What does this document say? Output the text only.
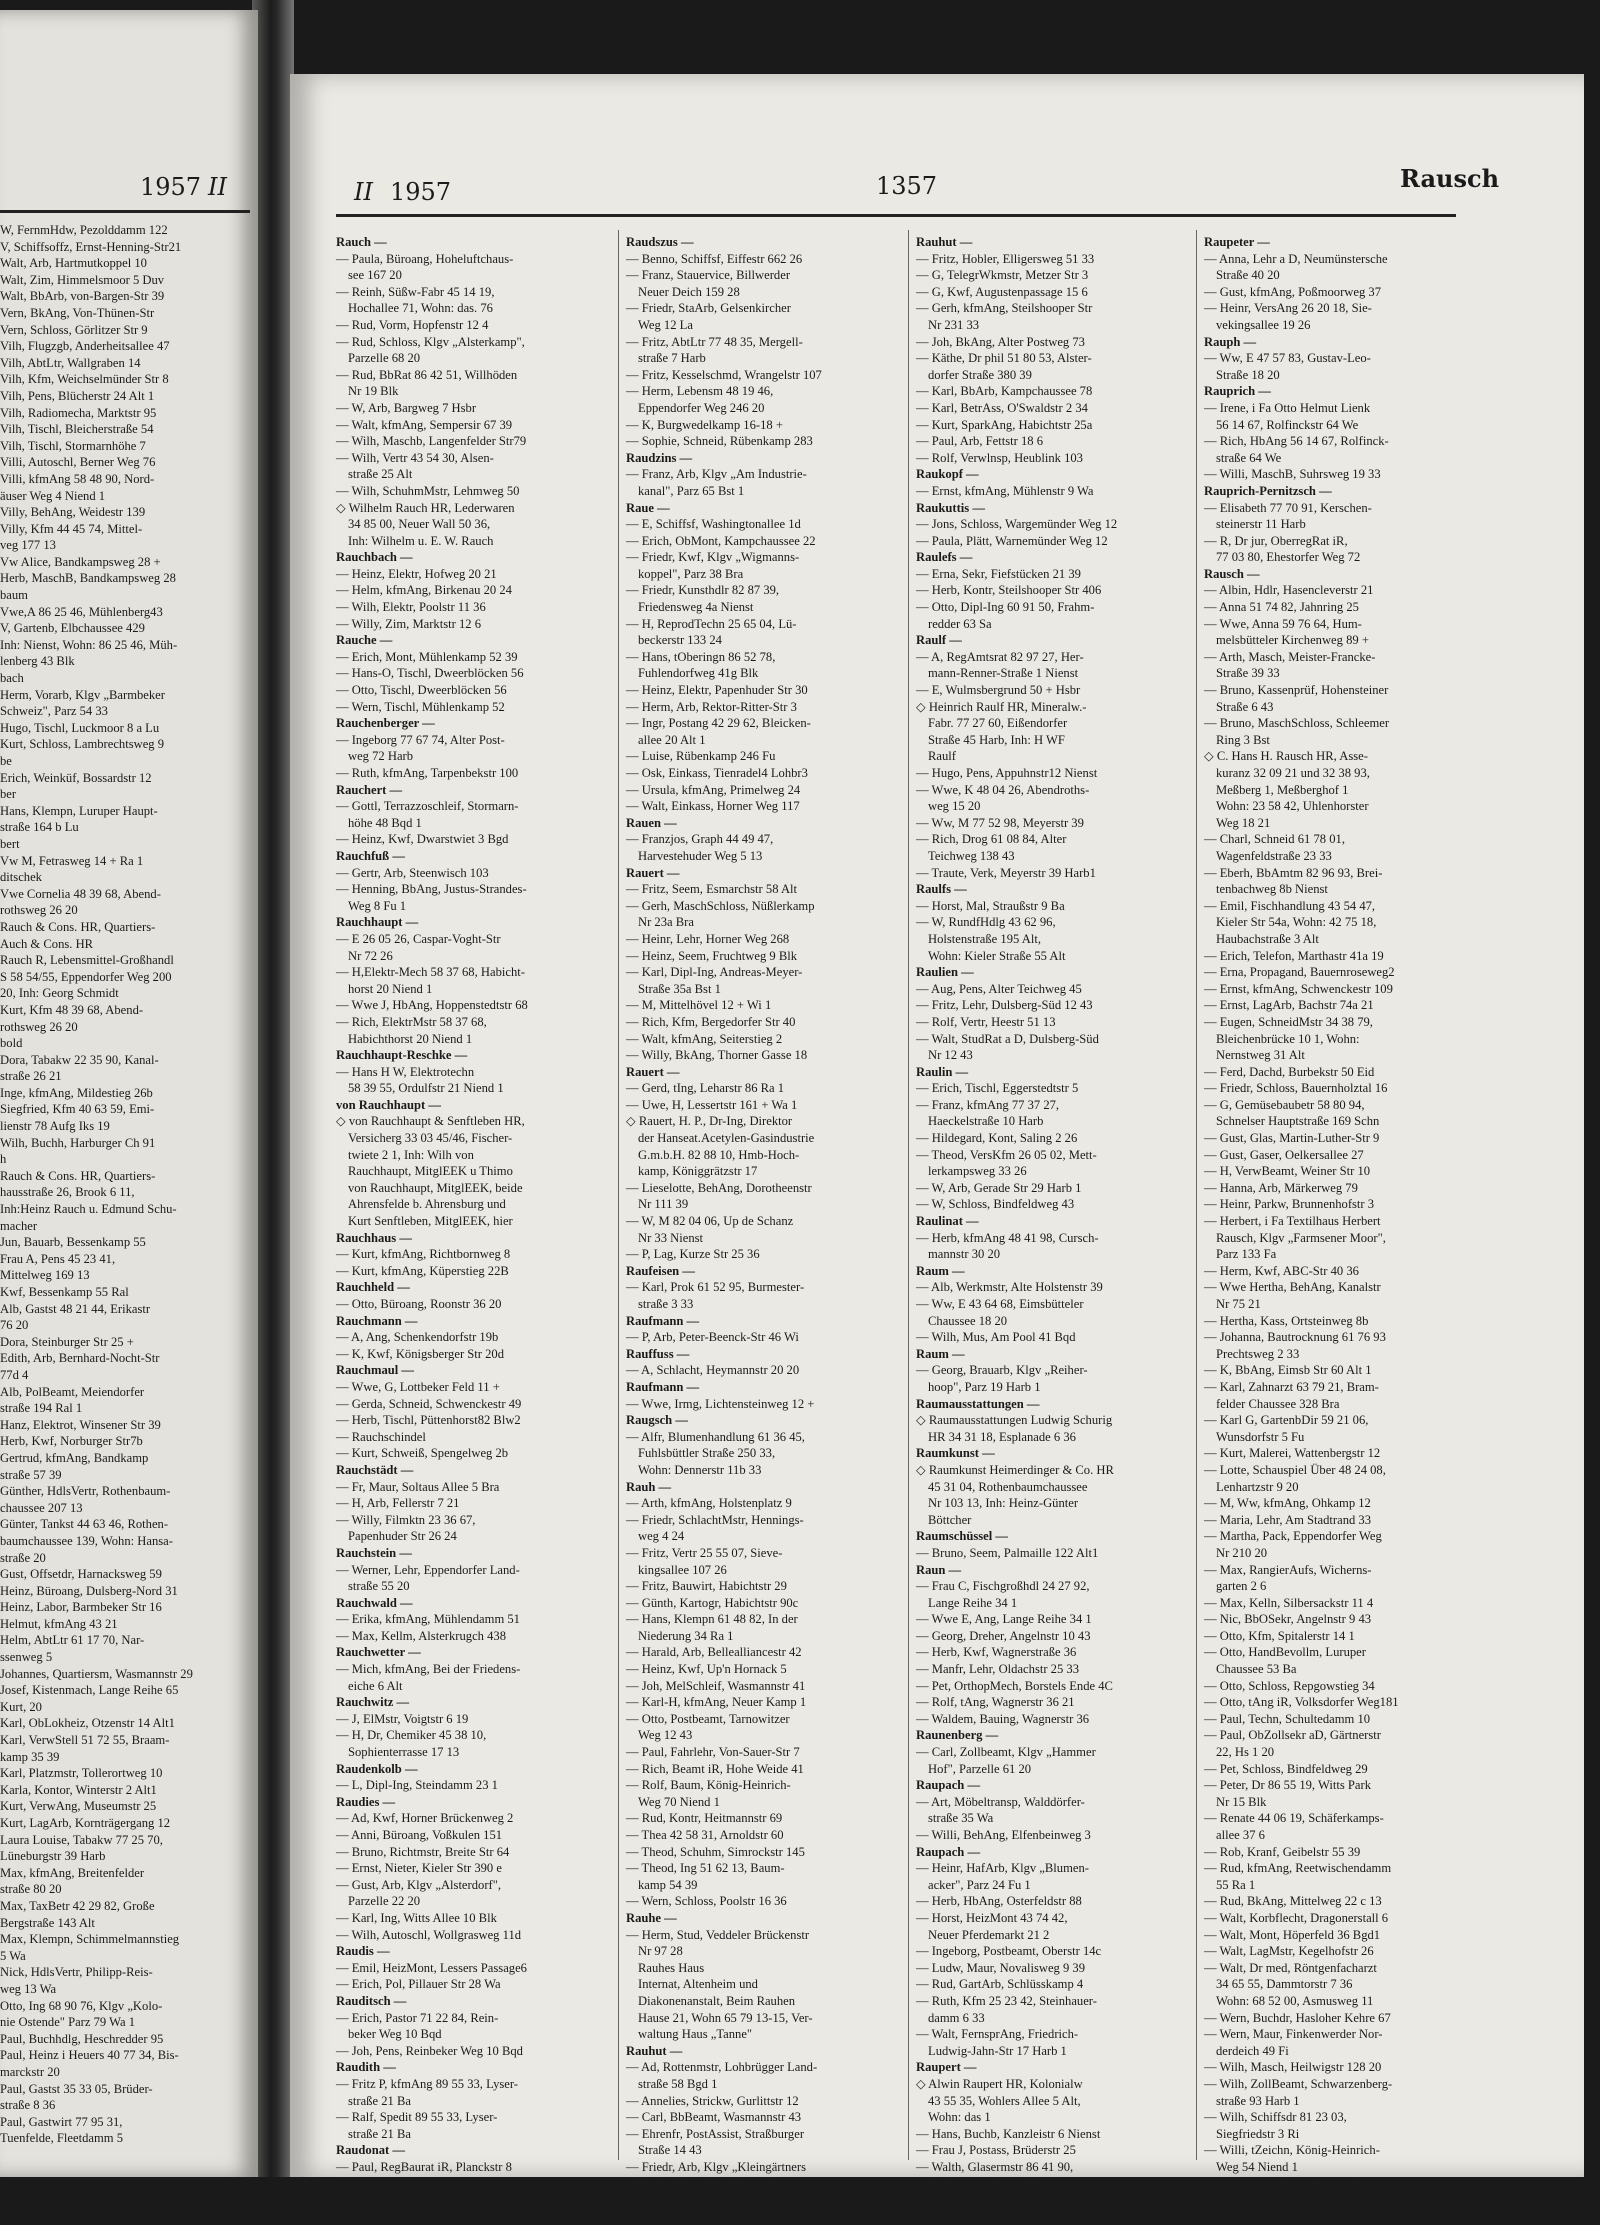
1957 II
W, FernmHdw, Pezolddamm 122
V, Schiffsoffz, Ernst-Henning-Str21
Walt, Arb, Hartmutkoppel 10
Walt, Zim, Himmelsmoor 5 Duv
Walt, BbArb, von-Bargen-Str 39
Vern, BkAng, Von-Thünen-Str
Vern, Schloss, Görlitzer Str 9
Vilh, Flugzgb, Anderheitsallee 47
Vilh, AbtLtr, Wallgraben 14
Vilh, Kfm, Weichselmünder Str 8
Vilh, Pens, Blücherstr 24 Alt 1
Vilh, Radiomecha, Marktstr 95
Vilh, Tischl, Bleicherstraße 54
Vilh, Tischl, Stormarnhöhe 7
Villi, Autoschl, Berner Weg 76
Villi, kfmAng 58 48 90, Nord-
äuser Weg 4 Niend 1
Villy, BehAng, Weidestr 139
Villy, Kfm 44 45 74, Mittel-
veg 177 13
Vw Alice, Bandkampsweg 28 +
Herb, MaschB, Bandkampsweg 28
baum
Vwe,A 86 25 46, Mühlenberg43
V, Gartenb, Elbchaussee 429
Inh: Nienst, Wohn: 86 25 46, Müh-
lenberg 43 Blk
bach
Herm, Vorarb, Klgv „Barmbeker
Schweiz", Parz 54 33
Hugo, Tischl, Luckmoor 8 a Lu
Kurt, Schloss, Lambrechtsweg 9
be
Erich, Weinküf, Bossardstr 12
ber
Hans, Klempn, Luruper Haupt-
straße 164 b Lu
bert
Vw M, Fetrasweg 14 + Ra 1
ditschek
Vwe Cornelia 48 39 68, Abend-
rothsweg 26 20
Rauch & Cons. HR, Quartiers-
Auch & Cons. HR
Rauch R, Lebensmittel-Großhandl
S 58 54/55, Eppendorfer Weg 200
20, Inh: Georg Schmidt
Kurt, Kfm 48 39 68, Abend-
rothsweg 26 20
bold
Dora, Tabakw 22 35 90, Kanal-
straße 26 21
Inge, kfmAng, Mildestieg 26b
Siegfried, Kfm 40 63 59, Emi-
lienstr 78 Aufg Iks 19
Wilh, Buchh, Harburger Ch 91
h
Rauch & Cons. HR, Quartiers-
hausstraße 26, Brook 6 11,
Inh:Heinz Rauch u. Edmund Schu-
macher
Jun, Bauarb, Bessenkamp 55
Frau A, Pens 45 23 41,
Mittelweg 169 13
Kwf, Bessenkamp 55 Ral
Alb, Gastst 48 21 44, Erikastr
76 20
Dora, Steinburger Str 25 +
Edith, Arb, Bernhard-Nocht-Str
77d 4
Alb, PolBeamt, Meiendorfer
straße 194 Ral 1
Hanz, Elektrot, Winsener Str 39
Herb, Kwf, Norburger Str7b
Gertrud, kfmAng, Bandkamp
straße 57 39
Günther, HdlsVertr, Rothenbaum-
chaussee 207 13
Günter, Tankst 44 63 46, Rothen-
baumchaussee 139, Wohn: Hansa-
straße 20
Gust, Offsetdr, Harnacksweg 59
Heinz, Büroang, Dulsberg-Nord 31
Heinz, Labor, Barmbeker Str 16
Helmut, kfmAng 43 21
Helm, AbtLtr 61 17 70, Nar-
ssenweg 5
Johannes, Quartiersm, Wasmannstr 29
Josef, Kistenmach, Lange Reihe 65
Kurt, 20
Karl, ObLokheiz, Otzenstr 14 Alt1
Karl, VerwStell 51 72 55, Braam-
kamp 35 39
Karl, Platzmstr, Tollerortweg 10
Karla, Kontor, Winterstr 2 Alt1
Kurt, VerwAng, Museumstr 25
Kurt, LagArb, Kornträgergang 12
Laura Louise, Tabakw 77 25 70,
Lüneburgstr 39 Harb
Max, kfmAng, Breitenfelder
straße 80 20
Max, TaxBetr 42 29 82, Große
Bergstraße 143 Alt
Max, Klempn, Schimmelmannstieg
5 Wa
Nick, HdlsVertr, Philipp-Reis-
weg 13 Wa
Otto, Ing 68 90 76, Klgv „Kolo-
nie Ostende" Parz 79 Wa 1
Paul, Buchhdlg, Heschredder 95
Paul, Heinz i Heuers 40 77 34, Bis-
marckstr 20
Paul, Gastst 35 33 05, Brüder-
straße 8 36
Paul, Gastwirt 77 95 31,
Tuenfelde, Fleetdamm 5
II 1957	1357	Rausch
Rauch —
— Paula, Büroang, Hoheluftchaus-
see 167 20
— Reinh, Süßw-Fabr 45 14 19,
Hochallee 71, Wohn: das. 76
— Rud, Vorm, Hopfenstr 12 4
— Rud, Schloss, Klgv „Alsterkamp",
Parzelle 68 20
— Rud, BbRat 86 42 51, Willhöden
Nr 19 Blk
— W, Arb, Bargweg 7 Hsbr
— Walt, kfmAng, Sempersir 67 39
— Wilh, Maschb, Langenfelder Str79
— Wilh, Vertr 43 54 30, Alsen-
straße 25 Alt
— Wilh, SchuhmMstr, Lehmweg 50
◇ Wilhelm Rauch HR, Lederwaren
34 85 00, Neuer Wall 50 36,
Inh: Wilhelm u. E. W. Rauch
Rauchbach —
— Heinz, Elektr, Hofweg 20 21
— Helm, kfmAng, Birkenau 20 24
— Wilh, Elektr, Poolstr 11 36
— Willy, Zim, Marktstr 12 6
Rauche —
— Erich, Mont, Mühlenkamp 52 39
— Hans-O, Tischl, Dweerblöcken 56
— Otto, Tischl, Dweerblöcken 56
— Wern, Tischl, Mühlenkamp 52
Rauchenberger —
— Ingeborg 77 67 74, Alter Post-
weg 72 Harb
— Ruth, kfmAng, Tarpenbekstr 100
Rauchert —
— Gottl, Terrazzoschleif, Stormarn-
höhe 48 Bqd 1
— Heinz, Kwf, Dwarstwiet 3 Bgd
Rauchfuß —
— Gertr, Arb, Steenwisch 103
— Henning, BbAng, Justus-Strandes-
Weg 8 Fu 1
Rauchhaupt —
— E 26 05 26, Caspar-Voght-Str
Nr 72 26
— H,Elektr-Mech 58 37 68, Habicht-
horst 20 Niend 1
— Wwe J, HbAng, Hoppenstedtstr 68
— Rich, ElektrMstr 58 37 68,
Habichthorst 20 Niend 1
Rauchhaupt-Reschke —
— Hans H W, Elektrotechn
58 39 55, Ordulfstr 21 Niend 1
von Rauchhaupt —
◇ von Rauchhaupt & Senftleben HR,
Versicherg 33 03 45/46, Fischer-
twiete 2 1, Inh: Wilh von
Rauchhaupt, MitglEEK u Thimo
von Rauchhaupt, MitglEEK, beide
Ahrensfelde b. Ahrensburg und
Kurt Senftleben, MitglEEK, hier
Rauchhaus —
— Kurt, kfmAng, Richtbornweg 8
— Kurt, kfmAng, Küperstieg 22B
Rauchheld —
— Otto, Büroang, Roonstr 36 20
Rauchmann —
— A, Ang, Schenkendorfstr 19b
— K, Kwf, Königsberger Str 20d
Rauchmaul —
— Wwe, G, Lottbeker Feld 11 +
— Gerda, Schneid, Schwenckestr 49
— Herb, Tischl, Püttenhorst82 Blw2
— Rauchschindel
— Kurt, Schweiß, Spengelweg 2b
Rauchstädt —
— Fr, Maur, Soltaus Allee 5 Bra
— H, Arb, Fellerstr 7 21
— Willy, Filmktn 23 36 67,
Papenhuder Str 26 24
Rauchstein —
— Werner, Lehr, Eppendorfer Land-
straße 55 20
Rauchwald —
— Erika, kfmAng, Mühlendamm 51
— Max, Kellm, Alsterkrugch 438
Rauchwetter —
— Mich, kfmAng, Bei der Friedens-
eiche 6 Alt
Rauchwitz —
— J, ElMstr, Voigtstr 6 19
— H, Dr, Chemiker 45 38 10,
Sophienterrasse 17 13
Raudenkolb —
— L, Dipl-Ing, Steindamm 23 1
Raudies —
— Ad, Kwf, Horner Brückenweg 2
— Anni, Büroang, Voßkulen 151
— Bruno, Richtmstr, Breite Str 64
— Ernst, Nieter, Kieler Str 390 e
— Gust, Arb, Klgv „Alsterdorf",
Parzelle 22 20
— Karl, Ing, Witts Allee 10 Blk
— Wilh, Autoschl, Wollgrasweg 11d
Raudis —
— Emil, HeizMont, Lessers Passage6
— Erich, Pol, Pillauer Str 28 Wa
Rauditsch —
— Erich, Pastor 71 22 84, Rein-
beker Weg 10 Bqd
— Joh, Pens, Reinbeker Weg 10 Bqd
Raudith —
— Fritz P, kfmAng 89 55 33, Lyser-
straße 21 Ba
— Ralf, Spedit 89 55 33, Lyser-
straße 21 Ba
Raudonat —
— Paul, RegBaurat iR, Planckstr 8
Raudszus —
— Benno, Schiffsf, Eiffestr 662 26
— Franz, Stauervice, Billwerder
Neuer Deich 159 28
— Friedr, StaArb, Gelsenkircher
Weg 12 La
— Fritz, AbtLtr 77 48 35, Mergell-
straße 7 Harb
— Fritz, Kesselschmd, Wrangelstr 107
— Herm, Lebensm 48 19 46,
Eppendorfer Weg 246 20
— K, Burgwedelkamp 16-18 +
— Sophie, Schneid, Rübenkamp 283
Raudzins —
— Franz, Arb, Klgv „Am Industrie-
kanal", Parz 65 Bst 1
Raue —
— E, Schiffsf, Washingtonallee 1d
— Erich, ObMont, Kampchaussee 22
— Friedr, Kwf, Klgv „Wigmanns-
koppel", Parz 38 Bra
— Friedr, Kunsthdlr 82 87 39,
Friedensweg 4a Nienst
— H, ReprodTechn 25 65 04, Lü-
beckerstr 133 24
— Hans, tOberingn 86 52 78,
Fuhlendorfweg 41g Blk
— Heinz, Elektr, Papenhuder Str 30
— Herm, Arb, Rektor-Ritter-Str 3
— Ingr, Postang 42 29 62, Bleicken-
allee 20 Alt 1
— Luise, Rübenkamp 246 Fu
— Osk, Einkass, Tienradel4 Lohbr3
— Ursula, kfmAng, Primelweg 24
— Walt, Einkass, Horner Weg 117
Rauen —
— Franzjos, Graph 44 49 47,
Harvestehuder Weg 5 13
Rauert —
— Fritz, Seem, Esmarchstr 58 Alt
— Gerh, MaschSchloss, Nüßlerkamp
Nr 23a Bra
— Heinr, Lehr, Horner Weg 268
— Heinz, Seem, Fruchtweg 9 Blk
— Karl, Dipl-Ing, Andreas-Meyer-
Straße 35a Bst 1
— M, Mittelhövel 12 + Wi 1
— Rich, Kfm, Bergedorfer Str 40
— Walt, kfmAng, Seiterstieg 2
— Willy, BkAng, Thorner Gasse 18
Rauert —
— Gerd, tIng, Leharstr 86 Ra 1
— Uwe, H, Lessertstr 161 + Wa 1
◇ Rauert, H. P., Dr-Ing, Direktor
der Hanseat.Acetylen-Gasindustrie
G.m.b.H. 82 88 10, Hmb-Hoch-
kamp, Königgrätzstr 17
— Lieselotte, BehAng, Dorotheenstr
Nr 111 39
— W, M 82 04 06, Up de Schanz
Nr 33 Nienst
— P, Lag, Kurze Str 25 36
Raufeisen —
— Karl, Prok 61 52 95, Burmester-
straße 3 33
Raufmann —
— P, Arb, Peter-Beenck-Str 46 Wi
Rauffuss —
— A, Schlacht, Heymannstr 20 20
Raufmann —
— Wwe, Irmg, Lichtensteinweg 12 +
Raugsch —
— Alfr, Blumenhandlung 61 36 45,
Fuhlsbüttler Straße 250 33,
Wohn: Dennerstr 11b 33
Rauh —
— Arth, kfmAng, Holstenplatz 9
— Friedr, SchlachtMstr, Hennings-
weg 4 24
— Fritz, Vertr 25 55 07, Sieve-
kingsallee 107 26
— Fritz, Bauwirt, Habichtstr 29
— Günth, Kartogr, Habichtstr 90c
— Hans, Klempn 61 48 82, In der
Niederung 34 Ra 1
— Harald, Arb, Bellealliancestr 42
— Heinz, Kwf, Up'n Hornack 5
— Joh, MelSchleif, Wasmannstr 41
— Karl-H, kfmAng, Neuer Kamp 1
— Otto, Postbeamt, Tarnowitzer
Weg 12 43
— Paul, Fahrlehr, Von-Sauer-Str 7
— Rich, Beamt iR, Hohe Weide 41
— Rolf, Baum, König-Heinrich-
Weg 70 Niend 1
— Rud, Kontr, Heitmannstr 69
— Thea 42 58 31, Arnoldstr 60
— Theod, Schuhm, Simrockstr 145
— Theod, Ing 51 62 13, Baum-
kamp 54 39
— Wern, Schloss, Poolstr 16 36
Rauhe —
— Herm, Stud, Veddeler Brückenstr
Nr 97 28
Rauhes Haus
Internat, Altenheim und
Diakonenanstalt, Beim Rauhen
Hause 21, Wohn 65 79 13-15, Ver-
waltung Haus „Tanne"
Rauhut —
— Ad, Rottenmstr, Lohbrügger Land-
straße 58 Bgd 1
— Annelies, Strickw, Gurlittstr 12
— Carl, BbBeamt, Wasmannstr 43
— Ehrenfr, PostAssist, Straßburger
Straße 14 43
— Friedr, Arb, Klgv „Kleingärtners
Stolz", Parzelle 153 Harb 1
Rauhut —
— Fritz, Hobler, Elligersweg 51 33
— G, TelegrWkmstr, Metzer Str 3
— G, Kwf, Augustenpassage 15 6
— Gerh, kfmAng, Steilshooper Str
Nr 231 33
— Joh, BkAng, Alter Postweg 73
— Käthe, Dr phil 51 80 53, Alster-
dorfer Straße 380 39
— Karl, BbArb, Kampchaussee 78
— Karl, BetrAss, O'Swaldstr 2 34
— Kurt, SparkAng, Habichtstr 25a
— Paul, Arb, Fettstr 18 6
— Rolf, Verwlnsp, Heublink 103
Raukopf —
— Ernst, kfmAng, Mühlenstr 9 Wa
Raukuttis —
— Jons, Schloss, Wargemünder Weg 12
— Paula, Plätt, Warnemünder Weg 12
Raulefs —
— Erna, Sekr, Fiefstücken 21 39
— Herb, Kontr, Steilshooper Str 406
— Otto, Dipl-Ing 60 91 50, Frahm-
redder 63 Sa
Raulf —
— A, RegAmtsrat 82 97 27, Her-
mann-Renner-Straße 1 Nienst
— E, Wulmsbergrund 50 + Hsbr
◇ Heinrich Raulf HR, Mineralw.-
Fabr. 77 27 60, Eißendorfer
Straße 45 Harb, Inh: H WF
Raulf
— Hugo, Pens, Appuhnstr12 Nienst
— Wwe, K 48 04 26, Abendroths-
weg 15 20
— Ww, M 77 52 98, Meyerstr 39
— Rich, Drog 61 08 84, Alter
Teichweg 138 43
— Traute, Verk, Meyerstr 39 Harb1
Raulfs —
— Horst, Mal, Straußstr 9 Ba
— W, RundfHdlg 43 62 96,
Holstenstraße 195 Alt,
Wohn: Kieler Straße 55 Alt
Raulien —
— Aug, Pens, Alter Teichweg 45
— Fritz, Lehr, Dulsberg-Süd 12 43
— Rolf, Vertr, Heestr 51 13
— Walt, StudRat a D, Dulsberg-Süd
Nr 12 43
Raulin —
— Erich, Tischl, Eggerstedtstr 5
— Franz, kfmAng 77 37 27,
Haeckelstraße 10 Harb
— Hildegard, Kont, Saling 2 26
— Theod, VersKfm 26 05 02, Mett-
lerkampsweg 33 26
— W, Arb, Gerade Str 29 Harb 1
— W, Schloss, Bindfeldweg 43
Raulinat —
— Herb, kfmAng 48 41 98, Cursch-
mannstr 30 20
Raum —
— Alb, Werkmstr, Alte Holstenstr 39
— Ww, E 43 64 68, Eimsbütteler
Chaussee 18 20
— Wilh, Mus, Am Pool 41 Bqd
Raum —
— Georg, Brauarb, Klgv „Reiher-
hoop", Parz 19 Harb 1
Raumausstattungen —
◇ Raumausstattungen Ludwig Schurig
HR 34 31 18, Esplanade 6 36
Raumkunst —
◇ Raumkunst Heimerdinger & Co. HR
45 31 04, Rothenbaumchaussee
Nr 103 13, Inh: Heinz-Günter
Böttcher
Raumschüssel —
— Bruno, Seem, Palmaille 122 Alt1
Raun —
— Frau C, Fischgroßhdl 24 27 92,
Lange Reihe 34 1
— Wwe E, Ang, Lange Reihe 34 1
— Georg, Dreher, Angelnstr 10 43
— Herb, Kwf, Wagnerstraße 36
— Manfr, Lehr, Oldachstr 25 33
— Pet, OrthopMech, Borstels Ende 4C
— Rolf, tAng, Wagnerstr 36 21
— Waldem, Bauing, Wagnerstr 36
Raunenberg —
— Carl, Zollbeamt, Klgv „Hammer
Hof", Parzelle 61 20
Raupach —
— Art, Möbeltransp, Walddörfer-
straße 35 Wa
— Willi, BehAng, Elfenbeinweg 3
Raupach —
— Heinr, HafArb, Klgv „Blumen-
acker", Parz 24 Fu 1
— Herb, HbAng, Osterfeldstr 88
— Horst, HeizMont 43 74 42,
Neuer Pferdemarkt 21 2
— Ingeborg, Postbeamt, Oberstr 14c
— Ludw, Maur, Novalisweg 9 39
— Rud, GartArb, Schlüsskamp 4
— Ruth, Kfm 25 23 42, Steinhauer-
damm 6 33
— Walt, FernsprAng, Friedrich-
Ludwig-Jahn-Str 17 Harb 1
Raupert —
◇ Alwin Raupert HR, Kolonialw
43 55 35, Wohlers Allee 5 Alt,
Wohn: das 1
— Hans, Buchb, Kanzleistr 6 Nienst
— Frau J, Postass, Brüderstr 25
— Walth, Glasermstr 86 41 90,
Hans-Lange-Str 13 Blk
— Wilh, Kapt 86 23 30, Blanke-
neser Landstr 57 Blk
Raupeter —
— Anna, Lehr a D, Neumünstersche
Straße 40 20
— Gust, kfmAng, Poßmoorweg 37
— Heinr, VersAng 26 20 18, Sie-
vekingsallee 19 26
Rauph —
— Ww, E 47 57 83, Gustav-Leo-
Straße 18 20
Rauprich —
— Irene, i Fa Otto Helmut Lienk
56 14 67, Rolfinckstr 64 We
— Rich, HbAng 56 14 67, Rolfinck-
straße 64 We
— Willi, MaschB, Suhrsweg 19 33
Rauprich-Pernitzsch —
— Elisabeth 77 70 91, Kerschen-
steinerstr 11 Harb
— R, Dr jur, OberregRat iR,
77 03 80, Ehestorfer Weg 72
Rausch —
— Albin, Hdlr, Hasencleverstr 21
— Anna 51 74 82, Jahnring 25
— Wwe, Anna 59 76 64, Hum-
melsbütteler Kirchenweg 89 +
— Arth, Masch, Meister-Francke-
Straße 39 33
— Bruno, Kassenprüf, Hohensteiner
Straße 6 43
— Bruno, MaschSchloss, Schleemer
Ring 3 Bst
◇ C. Hans H. Rausch HR, Asse-
kuranz 32 09 21 und 32 38 93,
Meßberg 1, Meßberghof 1
Wohn: 23 58 42, Uhlenhorster
Weg 18 21
— Charl, Schneid 61 78 01,
Wagenfeldstraße 23 33
— Eberh, BbAmtm 82 96 93, Brei-
tenbachweg 8b Nienst
— Emil, Fischhandlung 43 54 47,
Kieler Str 54a, Wohn: 42 75 18,
Haubachstraße 3 Alt
— Erich, Telefon, Marthastr 41a 19
— Erna, Propagand, Bauernroseweg2
— Ernst, kfmAng, Schwenckestr 109
— Ernst, LagArb, Bachstr 74a 21
— Eugen, SchneidMstr 34 38 79,
Bleichenbrücke 10 1, Wohn:
Nernstweg 31 Alt
— Ferd, Dachd, Burbekstr 50 Eid
— Friedr, Schloss, Bauernholztal 16
— G, Gemüsebaubetr 58 80 94,
Schnelser Hauptstraße 169 Schn
— Gust, Glas, Martin-Luther-Str 9
— Gust, Gaser, Oelkersallee 27
— H, VerwBeamt, Weiner Str 10
— Hanna, Arb, Märkerweg 79
— Heinr, Parkw, Brunnenhofstr 3
— Herbert, i Fa Textilhaus Herbert
Rausch, Klgv „Farmsener Moor",
Parz 133 Fa
— Herm, Kwf, ABC-Str 40 36
— Wwe Hertha, BehAng, Kanalstr
Nr 75 21
— Hertha, Kass, Ortsteinweg 8b
— Johanna, Bautrocknung 61 76 93
Prechtsweg 2 33
— K, BbAng, Eimsb Str 60 Alt 1
— Karl, Zahnarzt 63 79 21, Bram-
felder Chaussee 328 Bra
— Karl G, GartenbDir 59 21 06,
Wunsdorfstr 5 Fu
— Kurt, Malerei, Wattenbergstr 12
— Lotte, Schauspiel Über 48 24 08,
Lenhartzstr 9 20
— M, Ww, kfmAng, Ohkamp 12
— Maria, Lehr, Am Stadtrand 33
— Martha, Pack, Eppendorfer Weg
Nr 210 20
— Max, RangierAufs, Wicherns-
garten 2 6
— Max, Kelln, Silbersackstr 11 4
— Nic, BbOSekr, Angelnstr 9 43
— Otto, Kfm, Spitalerstr 14 1
— Otto, HandBevollm, Luruper
Chaussee 53 Ba
— Otto, Schloss, Repgowstieg 34
— Otto, tAng iR, Volksdorfer Weg181
— Paul, Techn, Schultedamm 10
— Paul, ObZollsekr aD, Gärtnerstr
22, Hs 1 20
— Pet, Schloss, Bindfeldweg 29
— Peter, Dr 86 55 19, Witts Park
Nr 15 Blk
— Renate 44 06 19, Schäferkamps-
allee 37 6
— Rob, Kranf, Geibelstr 55 39
— Rud, kfmAng, Reetwischendamm
55 Ra 1
— Rud, BkAng, Mittelweg 22 c 13
— Walt, Korbflecht, Dragonerstall 6
— Walt, Mont, Höperfeld 36 Bgd1
— Walt, LagMstr, Kegelhofstr 26
— Walt, Dr med, Röntgenfacharzt
34 65 55, Dammtorstr 7 36
Wohn: 68 52 00, Asmusweg 11
— Wern, Buchdr, Hasloher Kehre 67
— Wern, Maur, Finkenwerder Nor-
derdeich 49 Fi
— Wilh, Masch, Heilwigstr 128 20
— Wilh, ZollBeamt, Schwarzenberg-
straße 93 Harb 1
— Wilh, Schiffsdr 81 23 03,
Siegfriedstr 3 Ri
— Willi, tZeichn, König-Heinrich-
Weg 54 Niend 1
— Willi, ElektrMstr, Dillstr 3 13
